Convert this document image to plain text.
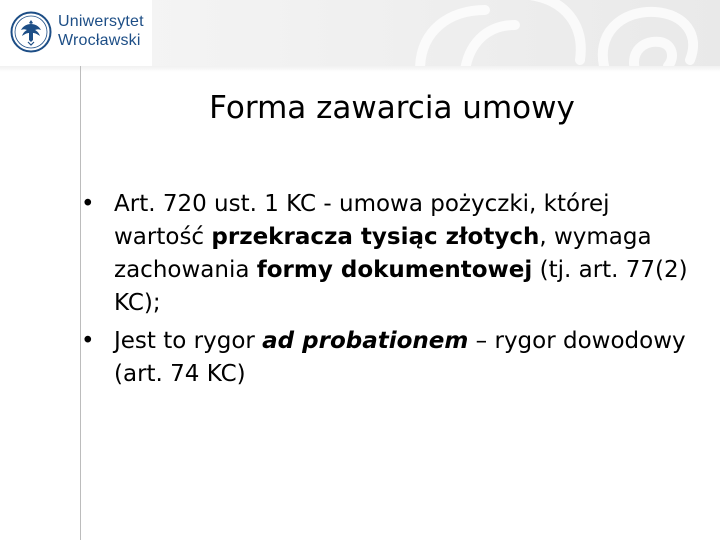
Uniwersytet
Wrocławski
Forma zawarcia umowy
• Art. 720 ust. 1 KC - umowa pożyczki, której wartość przekracza tysiąc złotych, wymaga zachowania formy dokumentowej (tj. art. 77(2) KC);
• Jest to rygor ad probationem – rygor dowodowy (art. 74 KC)
